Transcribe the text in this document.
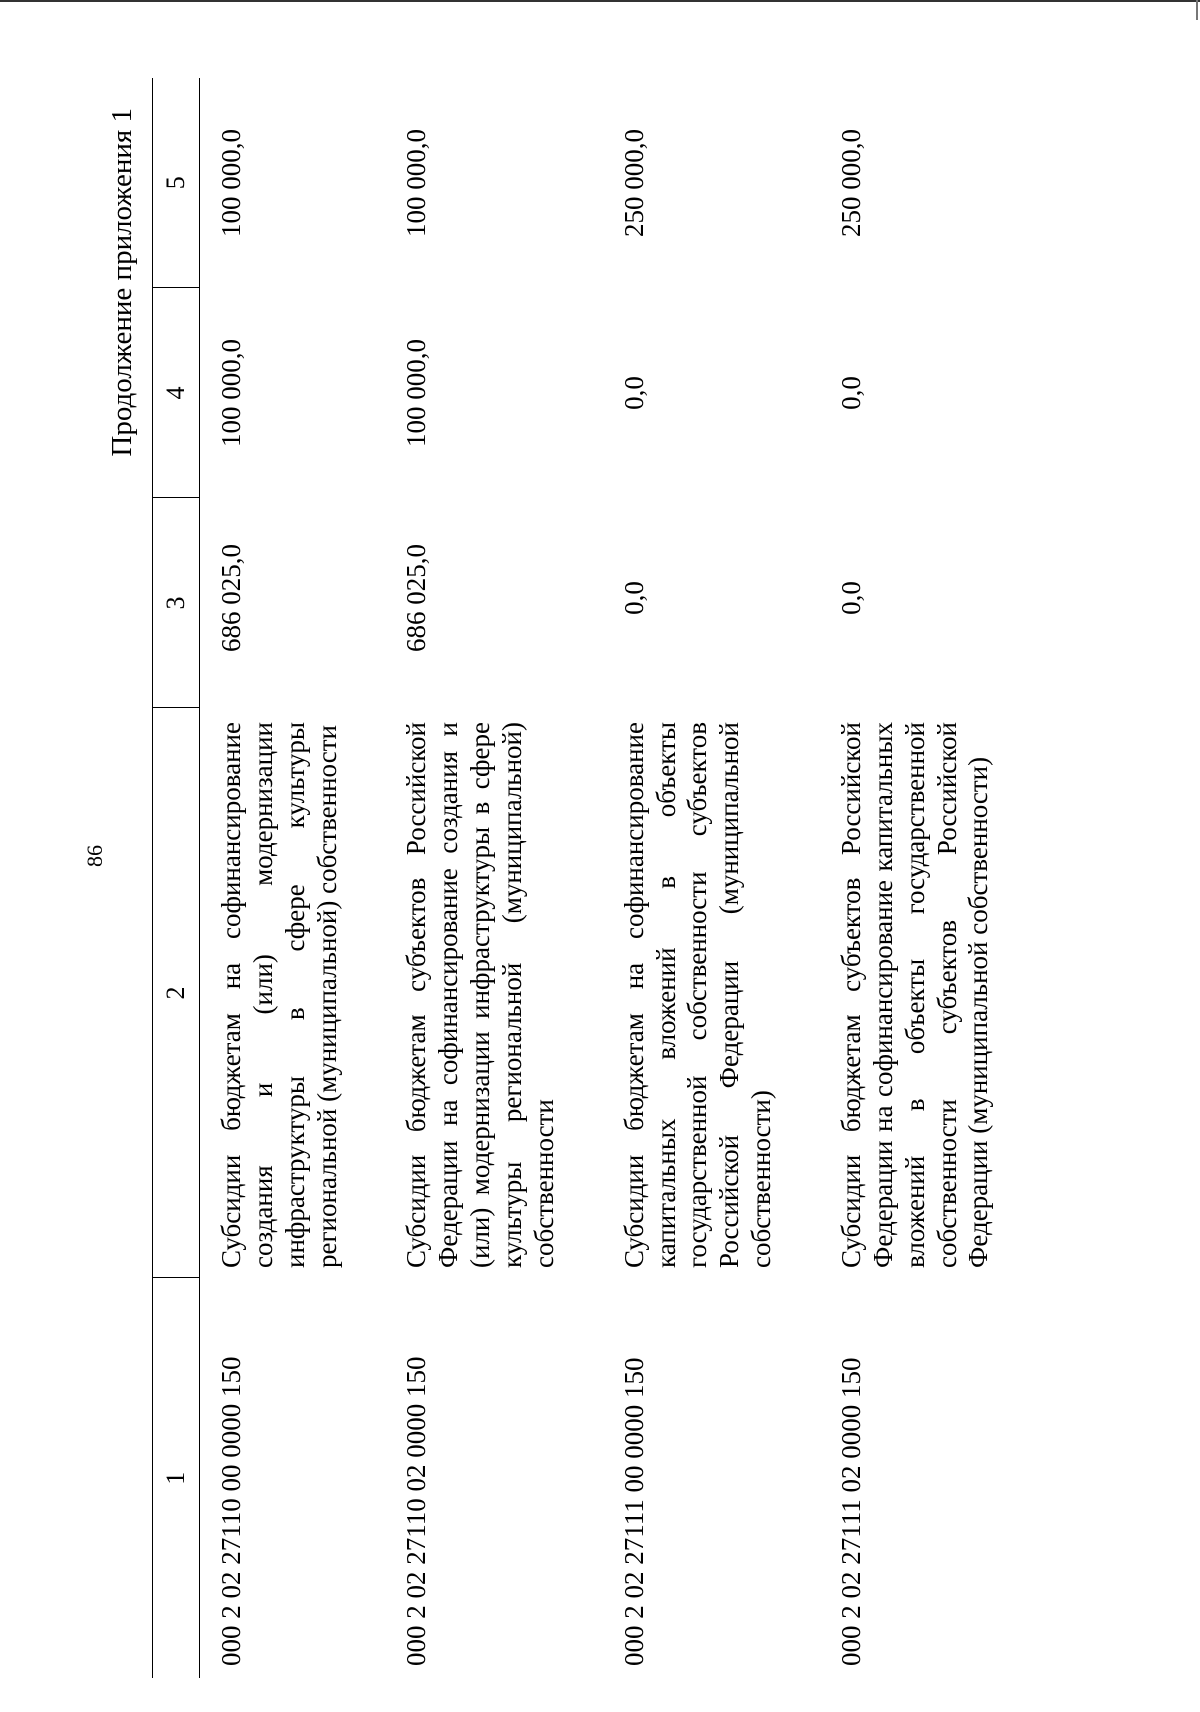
86
Продолжение приложения 1
1	2	3	4	5
000 2 02 27110 00 0000 150	Субсидии бюджетам на софинансирование создания и (или) модернизации инфраструктуры в сфере культуры региональной (муниципальной) собственности	686 025,0	100 000,0	100 000,0
000 2 02 27110 02 0000 150	Субсидии бюджетам субъектов Российской Федерации на софинансирование создания и (или) модернизации инфраструктуры в сфере культуры региональной (муниципальной) собственности	686 025,0	100 000,0	100 000,0
000 2 02 27111 00 0000 150	Субсидии бюджетам на софинансирование капитальных вложений в объекты государственной собственности субъектов Российской Федерации (муниципальной собственности)	0,0	0,0	250 000,0
000 2 02 27111 02 0000 150	Субсидии бюджетам субъектов Российской Федерации на софинансирование капитальных вложений в объекты государственной собственности субъектов Российской Федерации (муниципальной собственности)	0,0	0,0	250 000,0
